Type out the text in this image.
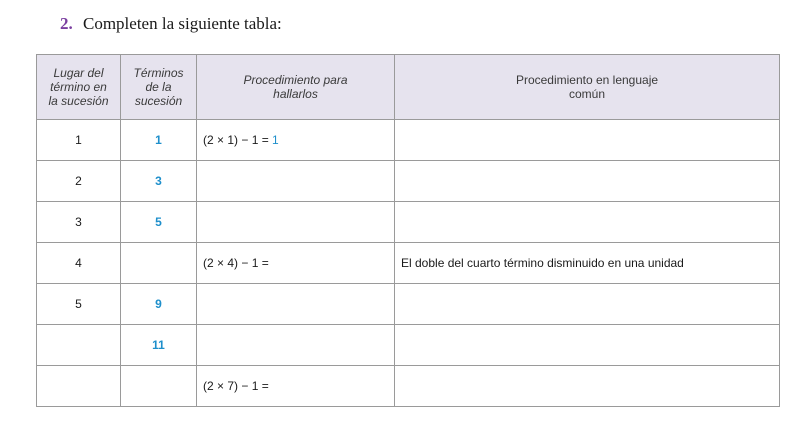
2. Completen la siguiente tabla:
Lugar del
término en
la sucesión	Términos
de la
sucesión	Procedimiento para
hallarlos	Procedimiento en lenguaje
común
1	1	(2 × 1) − 1 = 1	
2	3		
3	5		
4		(2 × 4) − 1 =	El doble del cuarto término disminuido en una unidad
5	9		
	11		
		(2 × 7) − 1 =	
